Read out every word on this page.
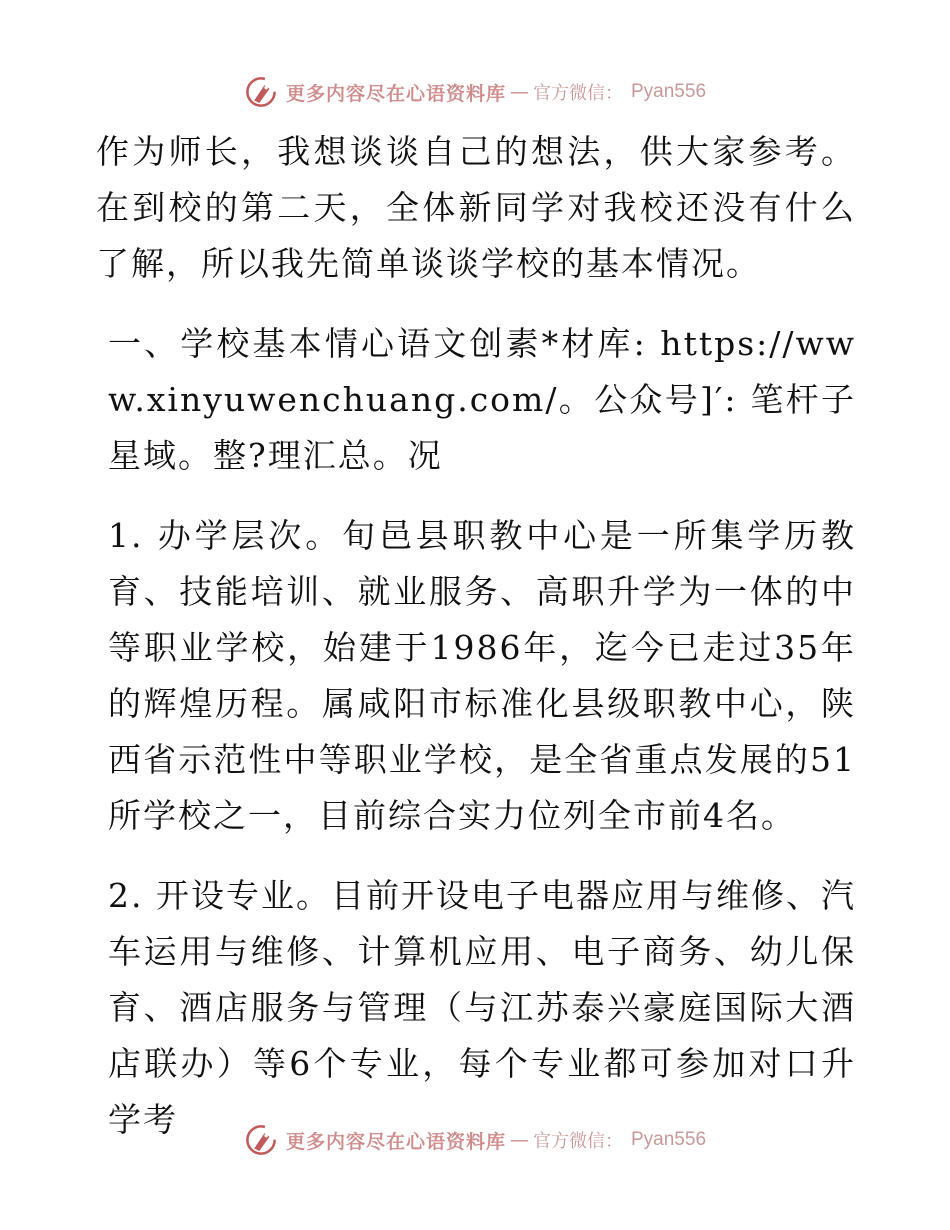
更多内容尽在心语资料库 — 官方微信： Pyan556

作为师长，我想谈谈自己的想法，供大家参考。在到校的第二天，全体新同学对我校还没有什么了解，所以我先简单谈谈学校的基本情况。

一、学校基本情心语文创素*材库: https://www.xinyuwenchuang.com/。公众号]′: 笔杆子星域。整?理汇总。况

1. 办学层次。旬邑县职教中心是一所集学历教育、技能培训、就业服务、高职升学为一体的中等职业学校，始建于1986年，迄今已走过35年的辉煌历程。属咸阳市标准化县级职教中心，陕西省示范性中等职业学校，是全省重点发展的51所学校之一，目前综合实力位列全市前4名。

2. 开设专业。目前开设电子电器应用与维修、汽车运用与维修、计算机应用、电子商务、幼儿保育、酒店服务与管理（与江苏泰兴豪庭国际大酒店联办）等6个专业，每个专业都可参加对口升学考

更多内容尽在心语资料库 — 官方微信： Pyan556
